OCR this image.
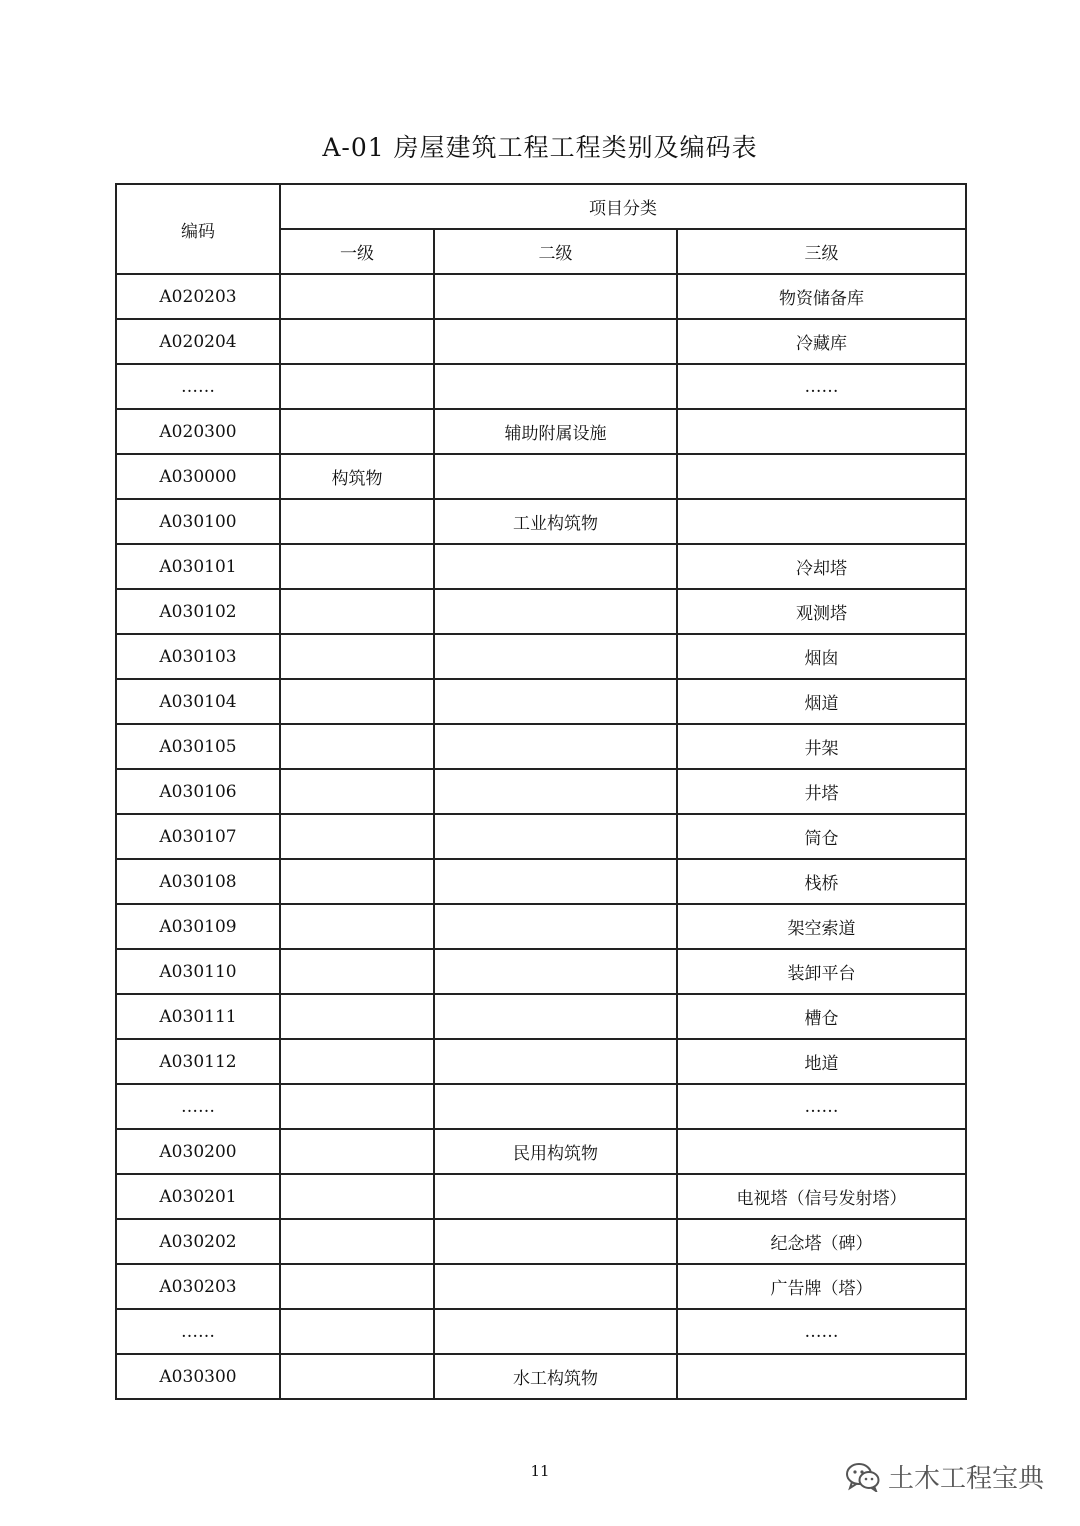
A-01 房屋建筑工程工程类别及编码表
编码	项目分类		
	一级	二级	三级
A020203			物资储备库
A020204			冷藏库
……			……
A020300		辅助附属设施	
A030000	构筑物		
A030100		工业构筑物	
A030101			冷却塔
A030102			观测塔
A030103			烟囱
A030104			烟道
A030105			井架
A030106			井塔
A030107			筒仓
A030108			栈桥
A030109			架空索道
A030110			装卸平台
A030111			槽仓
A030112			地道
……			……
A030200		民用构筑物	
A030201			电视塔（信号发射塔）
A030202			纪念塔（碑）
A030203			广告牌（塔）
……			……
A030300		水工构筑物	
11	土木工程宝典
